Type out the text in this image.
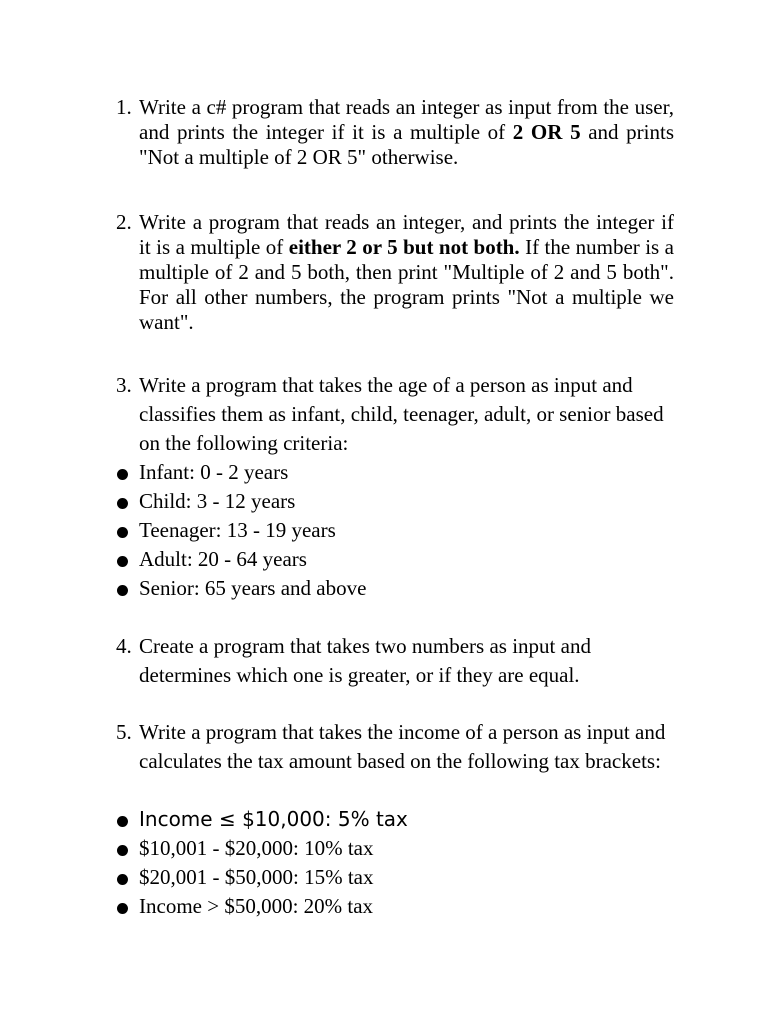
1. Write a c# program that reads an integer as input from the user, and prints the integer if it is a multiple of 2 OR 5 and prints "Not a multiple of 2 OR 5" otherwise.
2. Write a program that reads an integer, and prints the integer if it is a multiple of either 2 or 5 but not both. If the number is a multiple of 2 and 5 both, then print "Multiple of 2 and 5 both". For all other numbers, the program prints "Not a multiple we want".
3. Write a program that takes the age of a person as input and classifies them as infant, child, teenager, adult, or senior based on the following criteria:
Infant: 0 - 2 years
Child: 3 - 12 years
Teenager: 13 - 19 years
Adult: 20 - 64 years
Senior: 65 years and above
4. Create a program that takes two numbers as input and determines which one is greater, or if they are equal.
5. Write a program that takes the income of a person as input and calculates the tax amount based on the following tax brackets:
Income ≤ $10,000: 5% tax
$10,001 - $20,000: 10% tax
$20,001 - $50,000: 15% tax
Income > $50,000: 20% tax
